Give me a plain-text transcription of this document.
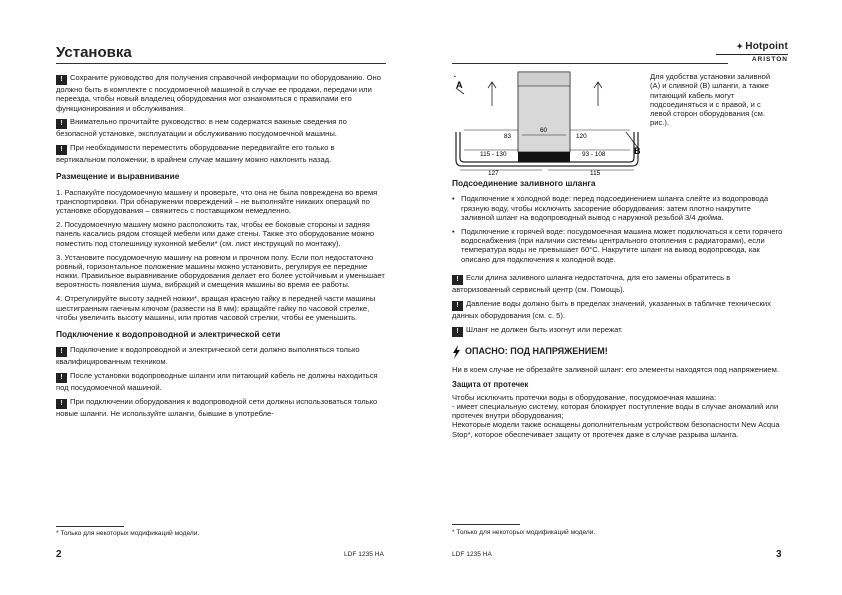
Установка	✦ Hotpoint
ARISTON

! Сохраните руководство для получения справочной информации по оборудованию. Оно должно быть в комплекте с посудомоечной машиной в случае ее продажи, передачи или переезда, чтобы новый владелец оборудования мог ознакомиться с правилами его функционирования и обслуживания.

! Внимательно прочитайте руководство: в нем содержатся важные сведения по безопасной установке, эксплуатации и обслуживанию посудомоечной машины.

! При необходимости переместить оборудование передвигайте его только в вертикальном положении, в крайнем случае машину можно наклонить назад.

Размещение и выравнивание

1. Распакуйте посудомоечную машину и проверьте, что она не была повреждена во время транспортировки. При обнаружении повреждений – не выполняйте никаких операций по установке оборудования – свяжитесь с поставщиком немедленно.

2. Посудомоечную машину можно расположить так, чтобы ее боковые стороны и задняя панель касались рядом стоящей мебели или даже стены. Также это оборудование можно поместить под столешницу кухонной мебели* (см. лист инструкций по монтажу).

3. Установите посудомоечную машину на ровном и прочном полу. Если пол недостаточно ровный, горизонтальное положение машины можно установить, регулируя ее передние ножки. Правильное выравнивание оборудования делает его более устойчивым и уменьшает вероятность появления шума, вибраций и смещения машины во время ее работы.

4. Отрегулируйте высоту задней ножки*, вращая красную гайку в передней части машины шестигранным гаечным ключом (развести на 8 мм): вращайте гайку по часовой стрелке, чтобы увеличить высоту машины, или против часовой стрелки, чтобы ее уменьшить.

Подключение к водопроводной и электрической сети

! Подключение к водопроводной и электрической сети должно выполняться только квалифицированным техником.

! После установки водопроводные шланги или питающий кабель не должны находиться под посудомоечной машиной.

! При подключении оборудования к водопроводной сети должны использоваться только новые шланги. Не используйте шланги, бывшие в употребле-

* Только для некоторых модификаций модели.
2	LDF 1235 HA
▪
A
B
60
83	120
115 - 130	93 - 108
127	115
Для удобства установки заливной (А) и сливной (В) шланги, а также питающий кабель могут подсоединяться и с правой, и с левой сторон оборудования (см. рис.).
Подсоединение заливного шланга

• Подключение к холодной воде: перед подсоединением шланга слейте из водопровода грязную воду, чтобы исключить засорение оборудования: затем плотно накрутите заливной шланг на водопроводный вывод с наружной резьбой 3/4 дюйма.

• Подключение к горячей воде: посудомоечная машина может подключаться к сети горячего водоснабжения (при наличии системы центрального отопления с радиаторами), если температура воды не превышает 60°С. Накрутите шланг на вывод водопровода, как описано для подключения к холодной воде.

! Если длина заливного шланга недостаточна, для его замены обратитесь в авторизованный сервисный центр (см. Помощь).

! Давление воды должно быть в пределах значений, указанных в табличке технических данных оборудования (см. с. 5).

! Шланг не должен быть изогнут или пережат.

ОПАСНО: ПОД НАПРЯЖЕНИЕМ!

Ни в коем случае не обрезайте заливной шланг: его элементы находятся под напряжением.

Защита от протечек

Чтобы исключить протечки воды в оборудование, посудомоечная машина:

- имеет специальную систему, которая блокирует поступление воды в случае аномалий или протечек внутри оборудования;

Некоторые модели также оснащены дополнительным устройством безопасности New Acqua Stop*, которое обеспечивает защиту от протечек даже в случае разрыва шланга.

* Только для некоторых модификаций модели.
LDF 1235 HA	3
